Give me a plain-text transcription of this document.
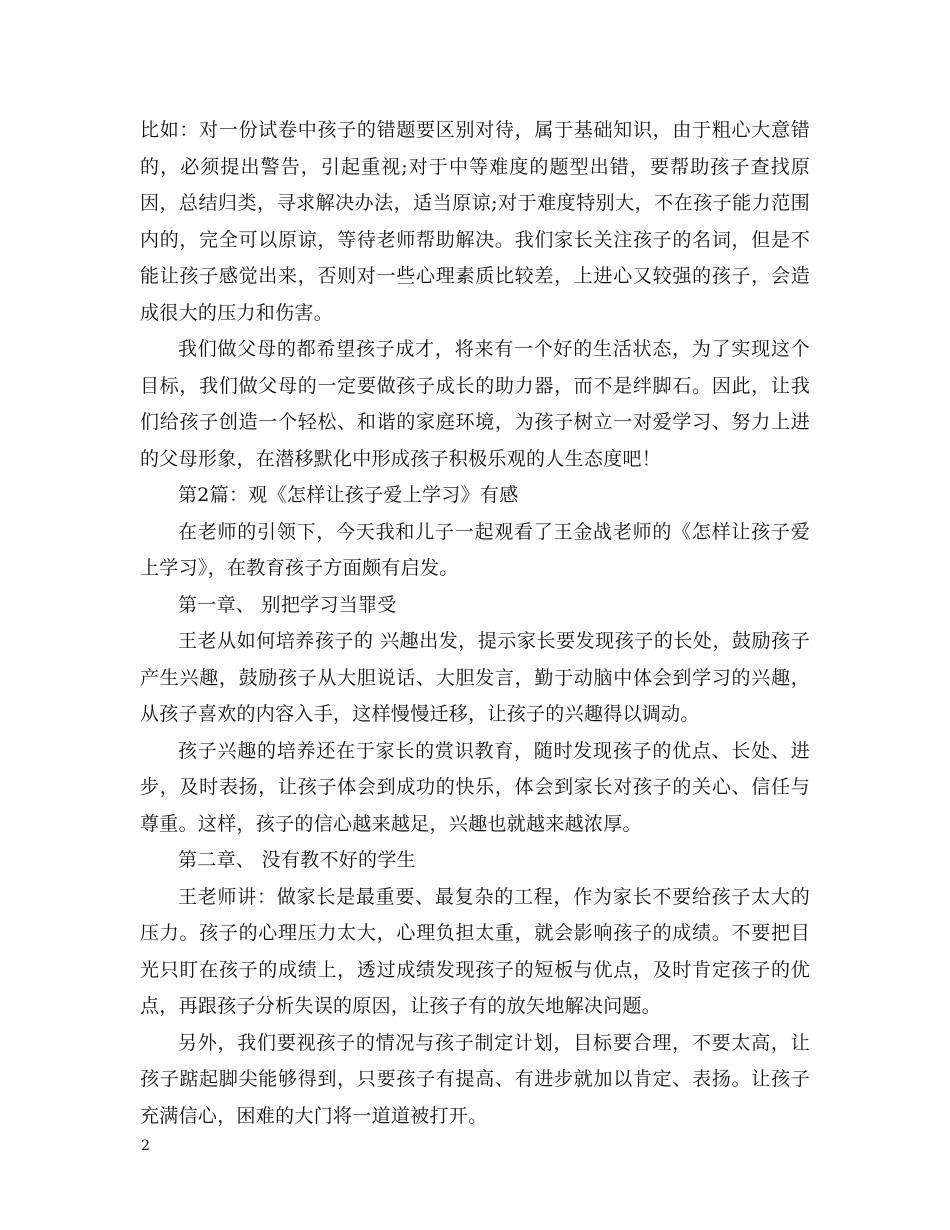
比如：对一份试卷中孩子的错题要区别对待，属于基础知识，由于粗心大意错的，必须提出警告，引起重视;对于中等难度的题型出错，要帮助孩子查找原因，总结归类，寻求解决办法，适当原谅;对于难度特别大，不在孩子能力范围内的，完全可以原谅，等待老师帮助解决。我们家长关注孩子的名词，但是不能让孩子感觉出来，否则对一些心理素质比较差，上进心又较强的孩子，会造成很大的压力和伤害。

我们做父母的都希望孩子成才，将来有一个好的生活状态，为了实现这个目标，我们做父母的一定要做孩子成长的助力器，而不是绊脚石。因此，让我们给孩子创造一个轻松、和谐的家庭环境，为孩子树立一对爱学习、努力上进的父母形象，在潜移默化中形成孩子积极乐观的人生态度吧！

第2篇：观《怎样让孩子爱上学习》有感

在老师的引领下，今天我和儿子一起观看了王金战老师的《怎样让孩子爱上学习》，在教育孩子方面颇有启发。

第一章、 别把学习当罪受

王老从如何培养孩子的 兴趣出发，提示家长要发现孩子的长处，鼓励孩子产生兴趣，鼓励孩子从大胆说话、大胆发言，勤于动脑中体会到学习的兴趣，从孩子喜欢的内容入手，这样慢慢迁移，让孩子的兴趣得以调动。

孩子兴趣的培养还在于家长的赏识教育，随时发现孩子的优点、长处、进步，及时表扬，让孩子体会到成功的快乐，体会到家长对孩子的关心、信任与尊重。这样，孩子的信心越来越足，兴趣也就越来越浓厚。

第二章、 没有教不好的学生

王老师讲：做家长是最重要、最复杂的工程，作为家长不要给孩子太大的压力。孩子的心理压力太大，心理负担太重，就会影响孩子的成绩。不要把目光只盯在孩子的成绩上，透过成绩发现孩子的短板与优点，及时肯定孩子的优点，再跟孩子分析失误的原因，让孩子有的放矢地解决问题。

另外，我们要视孩子的情况与孩子制定计划，目标要合理，不要太高，让孩子踮起脚尖能够得到，只要孩子有提高、有进步就加以肯定、表扬。让孩子充满信心，困难的大门将一道道被打开。

2
